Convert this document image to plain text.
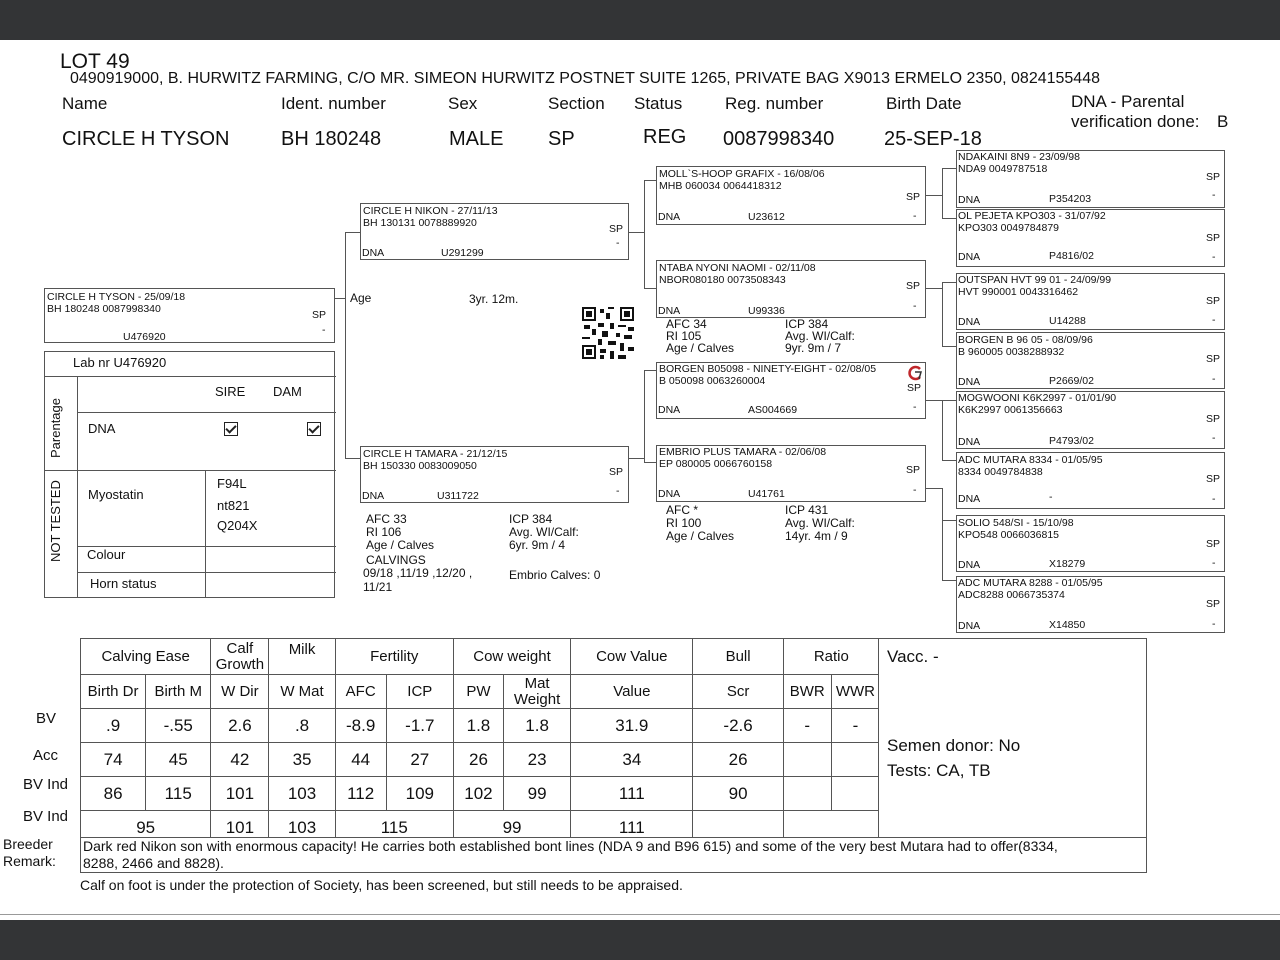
LOT 49
0490919000, B. HURWITZ FARMING, C/O MR. SIMEON HURWITZ POSTNET SUITE 1265, PRIVATE BAG X9013 ERMELO 2350, 0824155448
Name	Ident. number	Sex	Section Status	Reg. number	Birth Date	DNA - Parental
verification done: B
CIRCLE H TYSON	BH 180248	MALE SP	REG 0087998340 25-SEP-18
CIRCLE H TYSON - 25/09/18
BH 180248 0087998340	SP
-
U476920
Age	3yr. 12m.
Lab nr U476920
SIRE DAM
DNA

Myostatin
F94L
nt821
Q204X
Colour
Horn status
Parentage
NOT TESTED
CIRCLE H NIKON - 27/11/13
BH 130131 0078889920	SP
-
DNA	U291299
CIRCLE H TAMARA - 21/12/15
BH 150330 0083009050	SP
-
DNA	U311722
AFC 33
RI 106
Age / Calves
CALVINGS
09/18 ,11/19 ,12/20 ,
11/21
ICP 384
Avg. WI/Calf:
6yr. 9m / 4
Embrio Calves: 0
MOLL`S-HOOP GRAFIX - 16/08/06
MHB 060034 0064418312
SP
-
DNA	U23612
NTABA NYONI NAOMI - 02/11/08
NBOR080180 0073508343	SP
-
DNA	U99336
AFC 34
RI 105
Age / Calves
ICP 384
Avg. WI/Calf:
9yr. 9m / 7
BORGEN B05098 - NINETY-EIGHT - 02/08/05
B 050098 0063260004
SP
-
DNA	AS004669
EMBRIO PLUS TAMARA - 02/06/08
EP 080005 0066760158	SP
-
DNA	U41761
AFC *
RI 100
Age / Calves
ICP 431
Avg. WI/Calf:
14yr. 4m / 9
NDAKAINI 8N9 - 23/09/98
NDA9 0049787518
SP
-
DNA	P354203
OL PEJETA KPO303 - 31/07/92
KPO303 0049784879
SP
-
DNA	P4816/02
OUTSPAN HVT 99 01 - 24/09/99
HVT 990001 0043316462
SP
-
DNA	U14288
BORGEN B 96 05 - 08/09/96
B 960005 0038288932
SP
-
DNA	P2669/02
MOGWOONI K6K2997 - 01/01/90
K6K2997 0061356663
SP
-
DNA	P4793/02
ADC MUTARA 8334 - 01/05/95
8334 0049784838
SP
-
DNA	-
SOLIO 548/SI - 15/10/98
KPO548 0066036815
SP
-
DNA	X18279
ADC MUTARA 8288 - 01/05/95
ADC8288 0066735374
SP
-
DNA	X14850
BV
Acc
BV Ind
BV Ind
Calving Ease		Calf
Growth	Milk	Fertility		Cow weight		Cow Value	Bull	Ratio	
Birth Dr	Birth M	W Dir	W Mat	AFC	ICP	PW	Mat
Weight	Value	Scr	BWR	WWR
.9	-.55	2.6	.8	-8.9	-1.7	1.8	1.8	31.9	-2.6	-	-
74	45	42	35	44	27	26	23	34	26		
86	115	101	103	112	109	102	99	111	90		
95		101	103	115		99		111			
Vacc. -
Semen donor: No
Tests: CA, TB
Breeder
Remark:
Dark red Nikon son with enormous capacity! He carries both established bont lines (NDA 9 and B96 615) and some of the very best Mutara had to offer(8334,
8288, 2466 and 8828).
Calf on foot is under the protection of Society, has been screened, but still needs to be appraised.
